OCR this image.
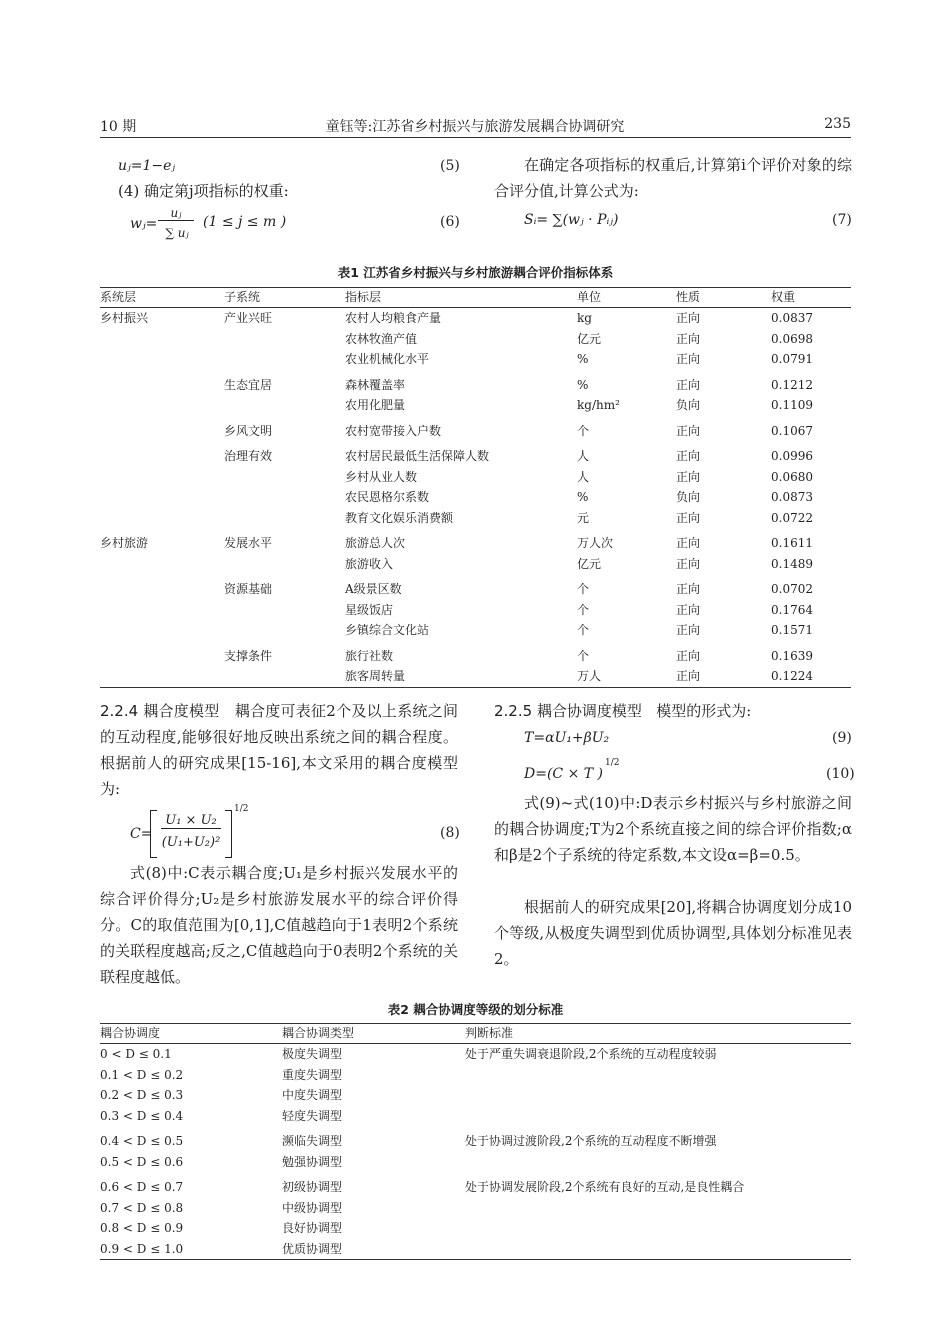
10 期	童钰等:江苏省乡村振兴与旅游发展耦合协调研究	235
uⱼ=1−eⱼ	(5)
(4) 确定第j项指标的权重:
wⱼ=
uⱼ
∑ uⱼ
(1 ≤ j ≤ m )	(6)
在确定各项指标的权重后,计算第i个评价对象的综合评分值,计算公式为:
Sᵢ= ∑(wⱼ · Pᵢⱼ)	(7)
表1 江苏省乡村振兴与乡村旅游耦合评价指标体系
系统层	子系统	指标层	单位	性质	权重
乡村振兴	产业兴旺	农村人均粮食产量	kg	正向	0.0837
		农林牧渔产值	亿元	正向	0.0698
		农业机械化水平	%	正向	0.0791
	生态宜居	森林覆盖率	%	正向	0.1212
		农用化肥量	kg/hm²	负向	0.1109
	乡风文明	农村宽带接入户数	个	正向	0.1067
	治理有效	农村居民最低生活保障人数	人	正向	0.0996
		乡村从业人数	人	正向	0.0680
		农民恩格尔系数	%	负向	0.0873
		教育文化娱乐消费额	元	正向	0.0722
乡村旅游	发展水平	旅游总人次	万人次	正向	0.1611
		旅游收入	亿元	正向	0.1489
	资源基础	A级景区数	个	正向	0.0702
		星级饭店	个	正向	0.1764
		乡镇综合文化站	个	正向	0.1571
	支撑条件	旅行社数	个	正向	0.1639
		旅客周转量	万人	正向	0.1224
2.2.4 耦合度模型 耦合度可表征2个及以上系统之间的互动程度,能够很好地反映出系统之间的耦合程度。根据前人的研究成果[15-16],本文采用的耦合度模型为:
C=
U₁ × U₂
(U₁+U₂)²
1/2
(8)
式(8)中:C表示耦合度;U₁是乡村振兴发展水平的综合评价得分;U₂是乡村旅游发展水平的综合评价得分。C的取值范围为[0,1],C值越趋向于1表明2个系统的关联程度越高;反之,C值越趋向于0表明2个系统的关联程度越低。
2.2.5 耦合协调度模型 模型的形式为:
T=αU₁+βU₂	(9)
D=(C × T )
1/2
(10)
式(9)~式(10)中:D表示乡村振兴与乡村旅游之间的耦合协调度;T为2个系统直接之间的综合评价指数;α和β是2个子系统的待定系数,本文设α=β=0.5。
根据前人的研究成果[20],将耦合协调度划分成10个等级,从极度失调型到优质协调型,具体划分标准见表2。
表2 耦合协调度等级的划分标准
耦合协调度	耦合协调类型	判断标准
0 < D ≤ 0.1	极度失调型	处于严重失调衰退阶段,2个系统的互动程度较弱
0.1 < D ≤ 0.2	重度失调型	
0.2 < D ≤ 0.3	中度失调型	
0.3 < D ≤ 0.4	轻度失调型	
0.4 < D ≤ 0.5	濒临失调型	处于协调过渡阶段,2个系统的互动程度不断增强
0.5 < D ≤ 0.6	勉强协调型	
0.6 < D ≤ 0.7	初级协调型	处于协调发展阶段,2个系统有良好的互动,是良性耦合
0.7 < D ≤ 0.8	中级协调型	
0.8 < D ≤ 0.9	良好协调型	
0.9 < D ≤ 1.0	优质协调型	
